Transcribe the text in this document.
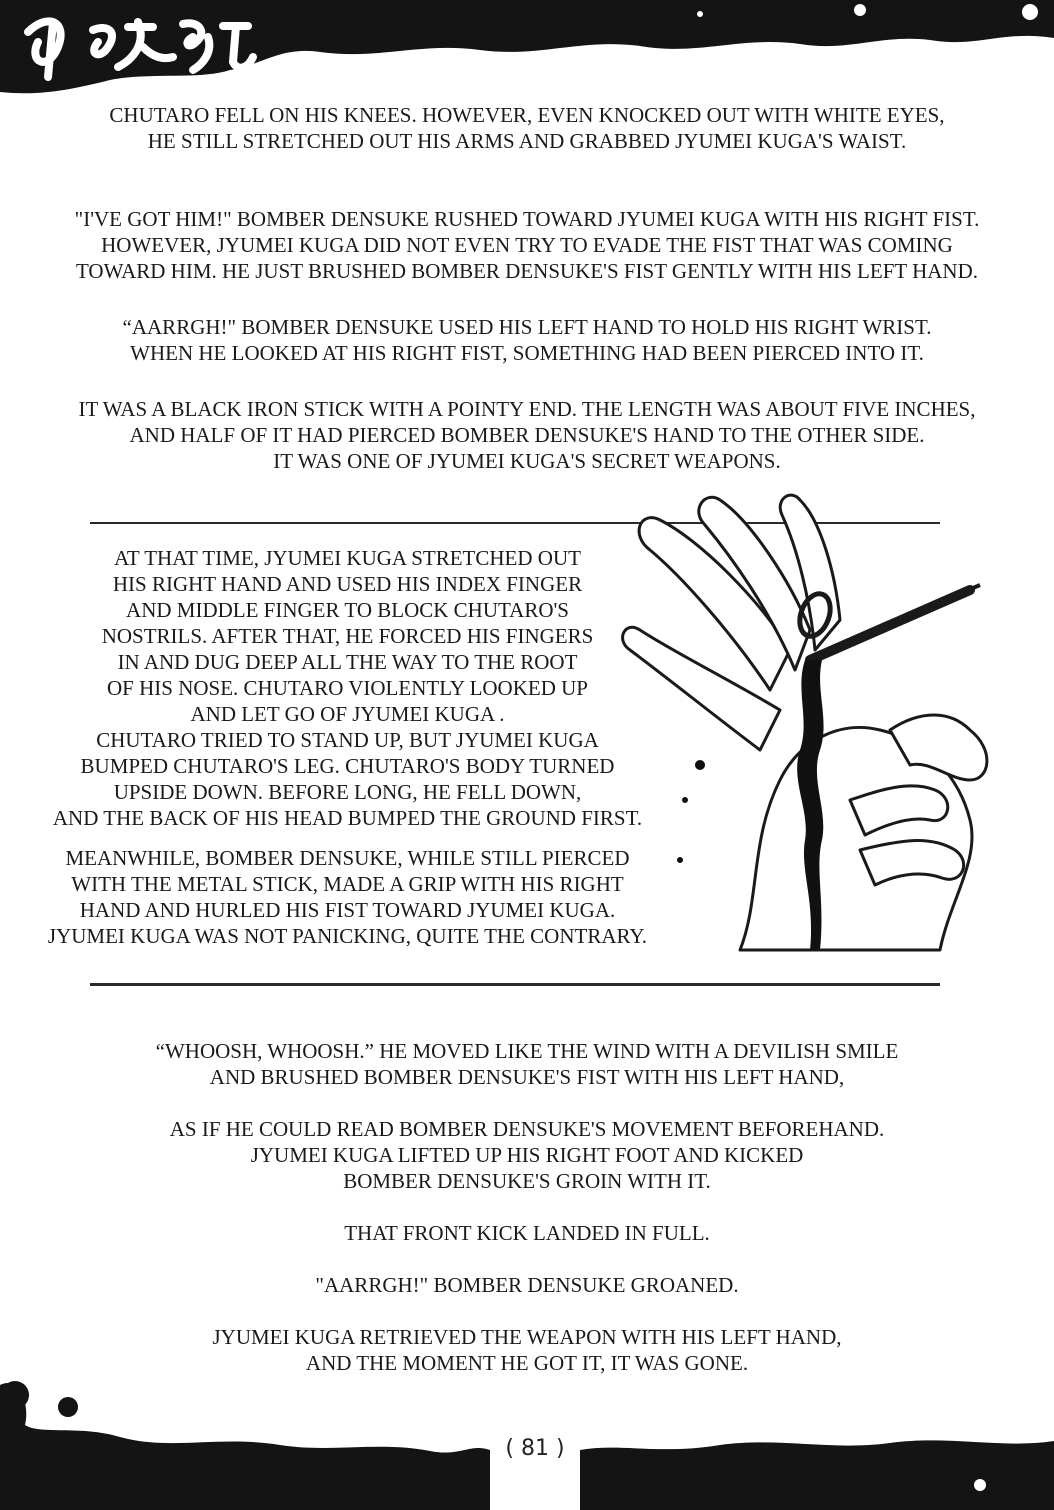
CHUTARO FELL ON HIS KNEES. HOWEVER, EVEN KNOCKED OUT WITH WHITE EYES,
HE STILL STRETCHED OUT HIS ARMS AND GRABBED JYUMEI KUGA'S WAIST.

"I'VE GOT HIM!" BOMBER DENSUKE RUSHED TOWARD JYUMEI KUGA WITH HIS RIGHT FIST.
HOWEVER, JYUMEI KUGA DID NOT EVEN TRY TO EVADE THE FIST THAT WAS COMING
TOWARD HIM. HE JUST BRUSHED BOMBER DENSUKE'S FIST GENTLY WITH HIS LEFT HAND.

“AARRGH!" BOMBER DENSUKE USED HIS LEFT HAND TO HOLD HIS RIGHT WRIST.
WHEN HE LOOKED AT HIS RIGHT FIST, SOMETHING HAD BEEN PIERCED INTO IT.

IT WAS A BLACK IRON STICK WITH A POINTY END. THE LENGTH WAS ABOUT FIVE INCHES,
AND HALF OF IT HAD PIERCED BOMBER DENSUKE'S HAND TO THE OTHER SIDE.
IT WAS ONE OF JYUMEI KUGA'S SECRET WEAPONS.

AT THAT TIME, JYUMEI KUGA STRETCHED OUT
HIS RIGHT HAND AND USED HIS INDEX FINGER
AND MIDDLE FINGER TO BLOCK CHUTARO'S
NOSTRILS. AFTER THAT, HE FORCED HIS FINGERS
IN AND DUG DEEP ALL THE WAY TO THE ROOT
OF HIS NOSE. CHUTARO VIOLENTLY LOOKED UP
AND LET GO OF JYUMEI KUGA .
CHUTARO TRIED TO STAND UP, BUT JYUMEI KUGA
BUMPED CHUTARO'S LEG. CHUTARO'S BODY TURNED
UPSIDE DOWN. BEFORE LONG, HE FELL DOWN,
AND THE BACK OF HIS HEAD BUMPED THE GROUND FIRST.

MEANWHILE, BOMBER DENSUKE, WHILE STILL PIERCED
WITH THE METAL STICK, MADE A GRIP WITH HIS RIGHT
HAND AND HURLED HIS FIST TOWARD JYUMEI KUGA.
JYUMEI KUGA WAS NOT PANICKING, QUITE THE CONTRARY.

“WHOOSH, WHOOSH.” HE MOVED LIKE THE WIND WITH A DEVILISH SMILE
AND BRUSHED BOMBER DENSUKE'S FIST WITH HIS LEFT HAND,

AS IF HE COULD READ BOMBER DENSUKE'S MOVEMENT BEFOREHAND.
JYUMEI KUGA LIFTED UP HIS RIGHT FOOT AND KICKED
BOMBER DENSUKE'S GROIN WITH IT.

THAT FRONT KICK LANDED IN FULL.

"AARRGH!" BOMBER DENSUKE GROANED.

JYUMEI KUGA RETRIEVED THE WEAPON WITH HIS LEFT HAND,
AND THE MOMENT HE GOT IT, IT WAS GONE.

( 81 )
